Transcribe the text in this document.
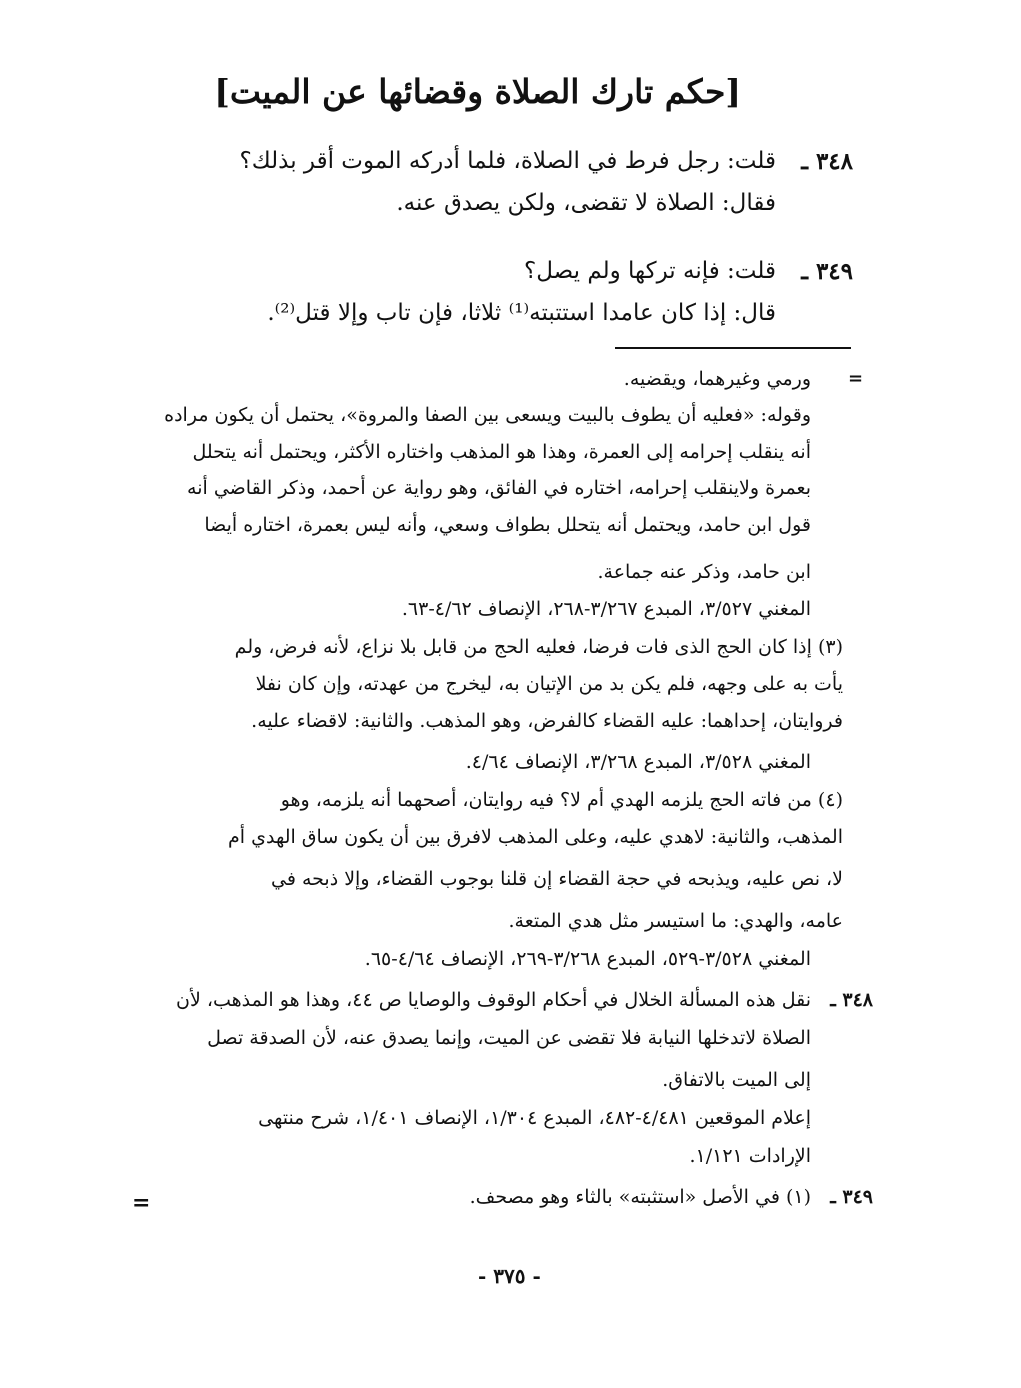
[حكم تارك الصلاة وقضائها عن الميت]
٣٤٨ ـ
قلت: رجل فرط في الصلاة، فلما أدركه الموت أقر بذلك؟
فقال: الصلاة لا تقضى، ولكن يصدق عنه.
٣٤٩ ـ
قلت: فإنه تركها ولم يصل؟
قال: إذا كان عامدا استتبته⁽¹⁾ ثلاثا، فإن تاب وإلا قتل⁽²⁾.
=
ورمي وغيرهما، ويقضيه.
وقوله: «فعليه أن يطوف بالبيت ويسعى بين الصفا والمروة»، يحتمل أن يكون مراده
أنه ينقلب إحرامه إلى العمرة، وهذا هو المذهب واختاره الأكثر، ويحتمل أنه يتحلل
بعمرة ولاينقلب إحرامه، اختاره في الفائق، وهو رواية عن أحمد، وذكر القاضي أنه
قول ابن حامد، ويحتمل أنه يتحلل بطواف وسعي، وأنه ليس بعمرة، اختاره أيضا
ابن حامد، وذكر عنه جماعة.
المغني ٣/٥٢٧، المبدع ٣/٢٦٧-٢٦٨، الإنصاف ٤/٦٢-٦٣.
(٣) إذا كان الحج الذى فات فرضا، فعليه الحج من قابل بلا نزاع، لأنه فرض، ولم
يأت به على وجهه، فلم يكن بد من الإتيان به، ليخرج من عهدته، وإن كان نفلا
فروايتان، إحداهما: عليه القضاء كالفرض، وهو المذهب. والثانية: لاقضاء عليه.
المغني ٣/٥٢٨، المبدع ٣/٢٦٨، الإنصاف ٤/٦٤.
(٤) من فاته الحج يلزمه الهدي أم لا؟ فيه روايتان، أصحهما أنه يلزمه، وهو
المذهب، والثانية: لاهدي عليه، وعلى المذهب لافرق بين أن يكون ساق الهدي أم
لا، نص عليه، ويذبحه في حجة القضاء إن قلنا بوجوب القضاء، وإلا ذبحه في
عامه، والهدي: ما استيسر مثل هدي المتعة.
المغني ٣/٥٢٨-٥٢٩، المبدع ٣/٢٦٨-٢٦٩، الإنصاف ٤/٦٤-٦٥.
٣٤٨ ـ
نقل هذه المسألة الخلال في أحكام الوقوف والوصايا ص ٤٤، وهذا هو المذهب، لأن
الصلاة لاتدخلها النيابة فلا تقضى عن الميت، وإنما يصدق عنه، لأن الصدقة تصل
إلى الميت بالاتفاق.
إعلام الموقعين ٤/٤٨١-٤٨٢، المبدع ١/٣٠٤، الإنصاف ١/٤٠١، شرح منتهى
الإرادات ١/١٢١.
٣٤٩ ـ
(١) في الأصل «استثبته» بالثاء وهو مصحف.
=
- ٣٧٥ -
